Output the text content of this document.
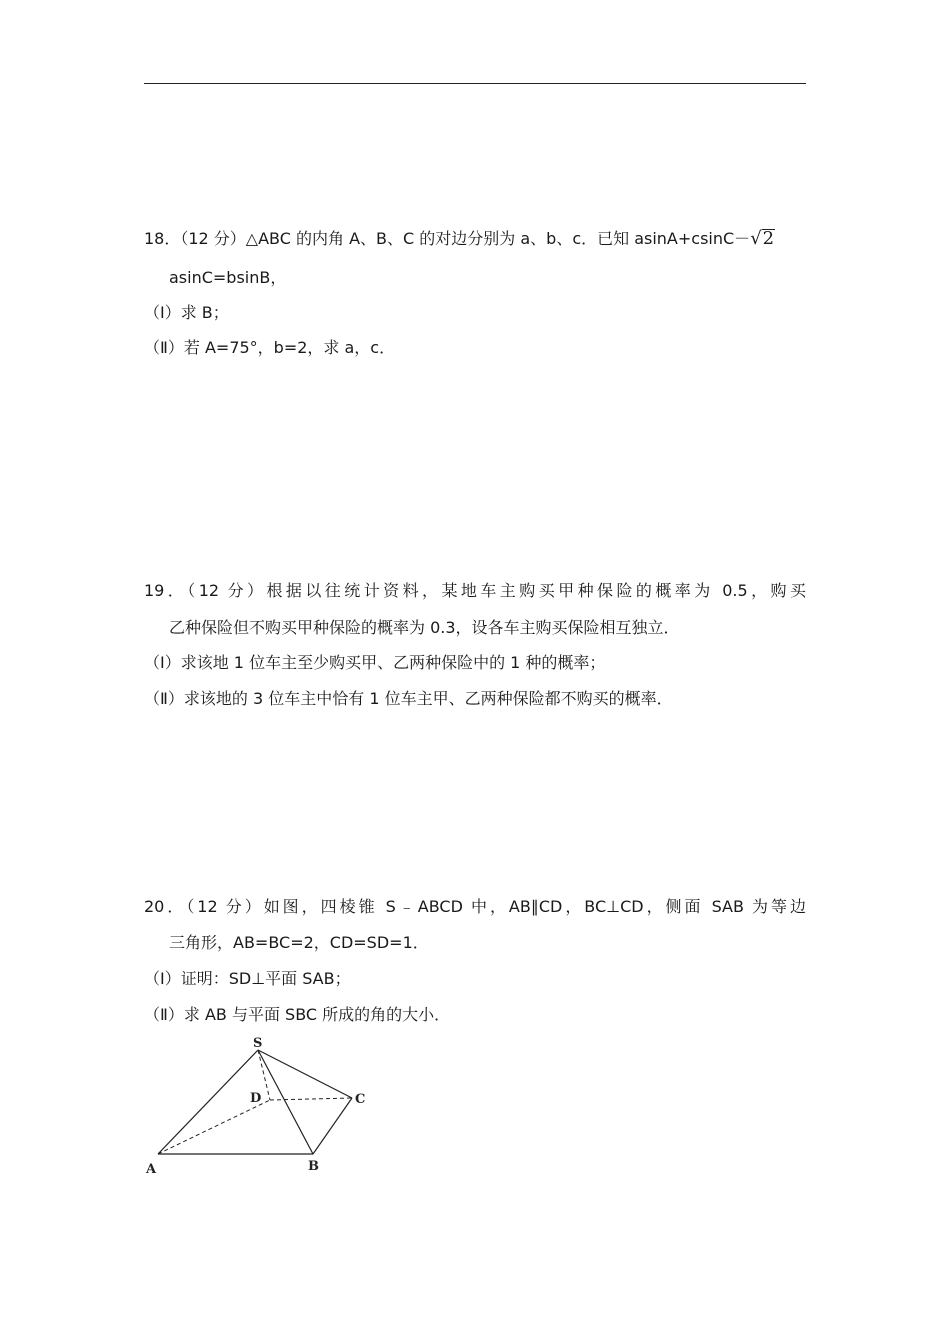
18．（12 分）△ABC 的内角 A、B、C 的对边分别为 a、b、c．已知 asinA+csinC－√2
asinC=bsinB，
（Ⅰ）求 B；
（Ⅱ）若 A=75°，b=2，求 a，c．
19．（12 分）根据以往统计资料，某地车主购买甲种保险的概率为 0.5，购买
乙种保险但不购买甲种保险的概率为 0.3，设各车主购买保险相互独立．
（Ⅰ）求该地 1 位车主至少购买甲、乙两种保险中的 1 种的概率；
（Ⅱ）求该地的 3 位车主中恰有 1 位车主甲、乙两种保险都不购买的概率．
20．（12 分）如图，四棱锥 S﹣ABCD 中，AB∥CD，BC⊥CD，侧面 SAB 为等边
三角形，AB=BC=2，CD=SD=1．
（Ⅰ）证明：SD⊥平面 SAB；
（Ⅱ）求 AB 与平面 SBC 所成的角的大小．
S
D	C
A	B
